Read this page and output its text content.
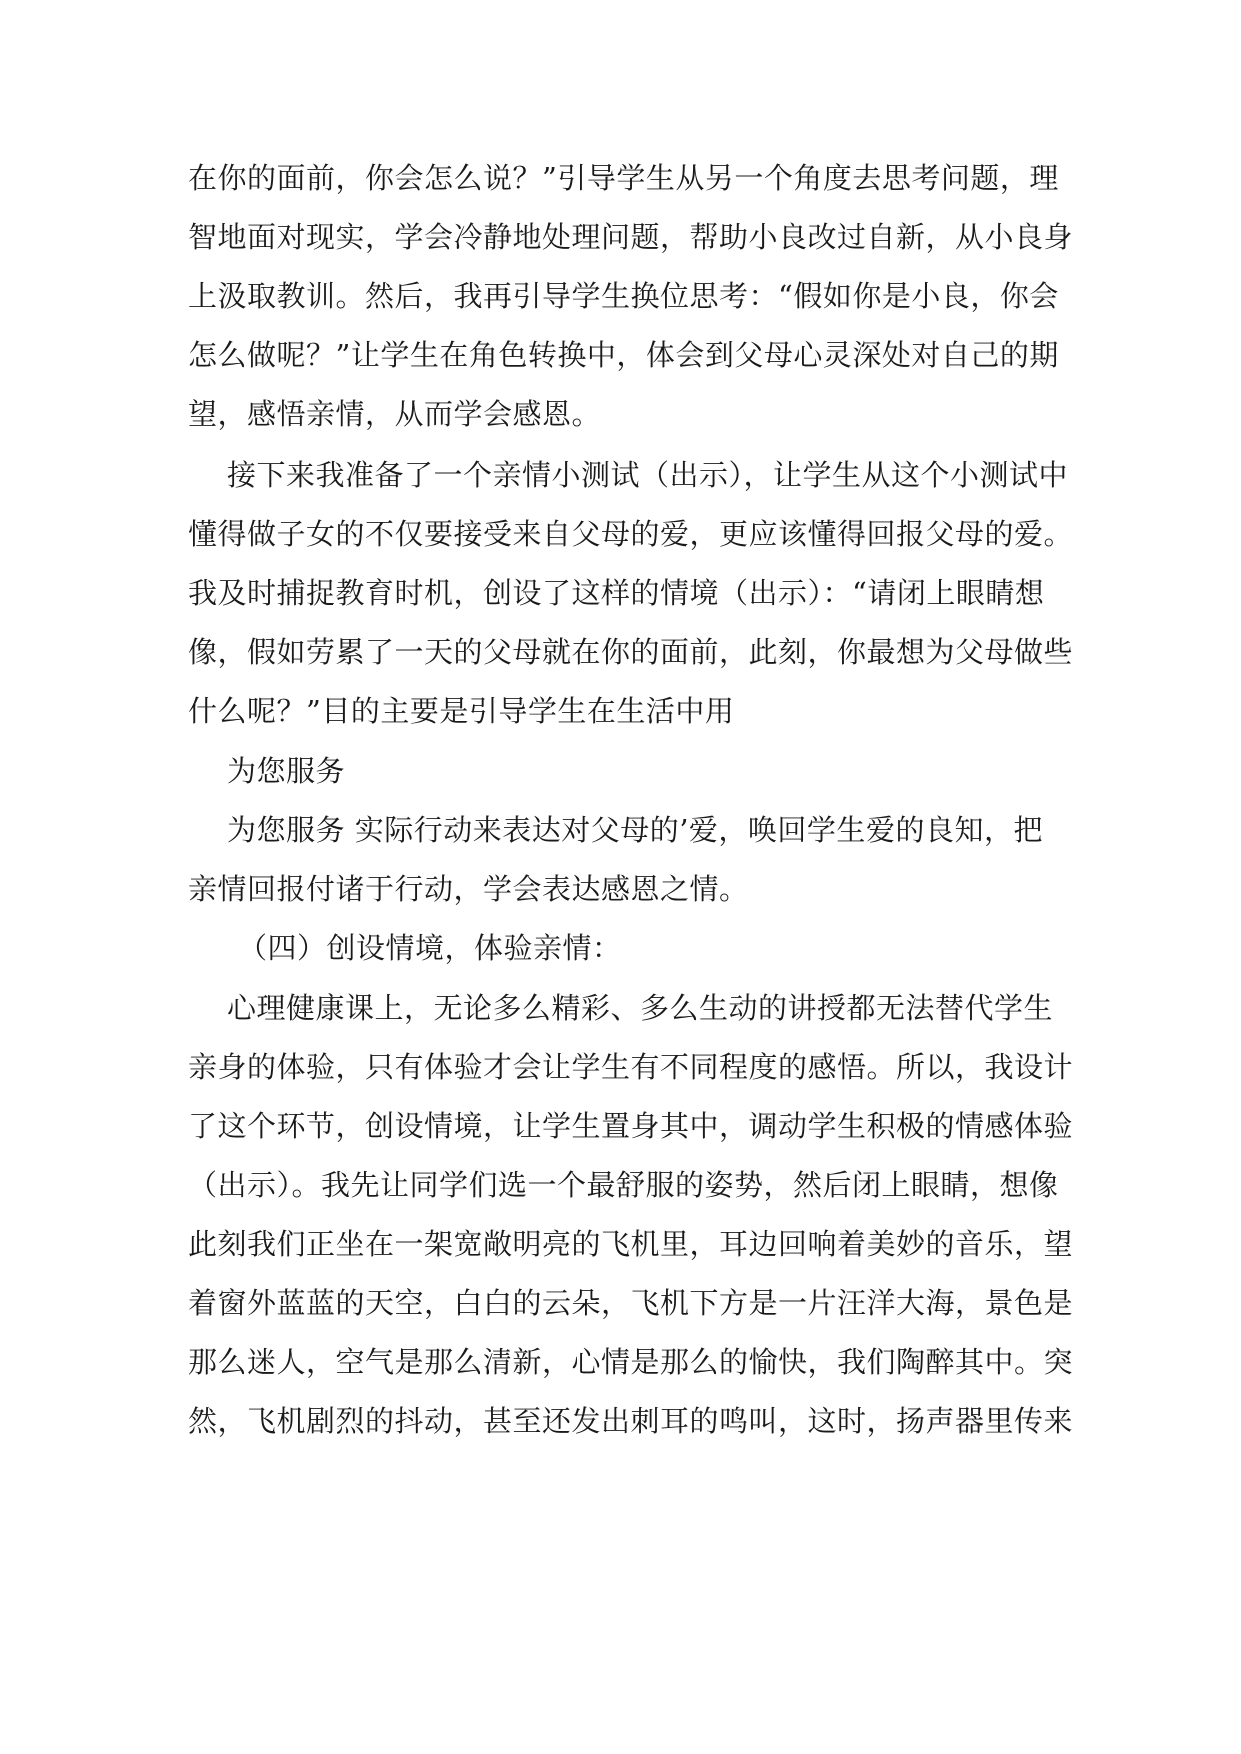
在你的面前，你会怎么说？”引导学生从另一个角度去思考问题，理
智地面对现实，学会冷静地处理问题，帮助小良改过自新，从小良身
上汲取教训。然后，我再引导学生换位思考：“假如你是小良，你会
怎么做呢？”让学生在角色转换中，体会到父母心灵深处对自己的期
望，感悟亲情，从而学会感恩。
接下来我准备了一个亲情小测试（出示），让学生从这个小测试中
懂得做子女的不仅要接受来自父母的爱，更应该懂得回报父母的爱。
我及时捕捉教育时机，创设了这样的情境（出示）：“请闭上眼睛想
像，假如劳累了一天的父母就在你的面前，此刻，你最想为父母做些
什么呢？”目的主要是引导学生在生活中用
为您服务
为您服务 实际行动来表达对父母的’爱，唤回学生爱的良知，把
亲情回报付诸于行动，学会表达感恩之情。
（四）创设情境，体验亲情：
心理健康课上，无论多么精彩、多么生动的讲授都无法替代学生
亲身的体验，只有体验才会让学生有不同程度的感悟。所以，我设计
了这个环节，创设情境，让学生置身其中，调动学生积极的情感体验
（出示）。我先让同学们选一个最舒服的姿势，然后闭上眼睛，想像
此刻我们正坐在一架宽敞明亮的飞机里，耳边回响着美妙的音乐，望
着窗外蓝蓝的天空，白白的云朵，飞机下方是一片汪洋大海，景色是
那么迷人，空气是那么清新，心情是那么的愉快，我们陶醉其中。突
然，飞机剧烈的抖动，甚至还发出刺耳的鸣叫，这时，扬声器里传来
